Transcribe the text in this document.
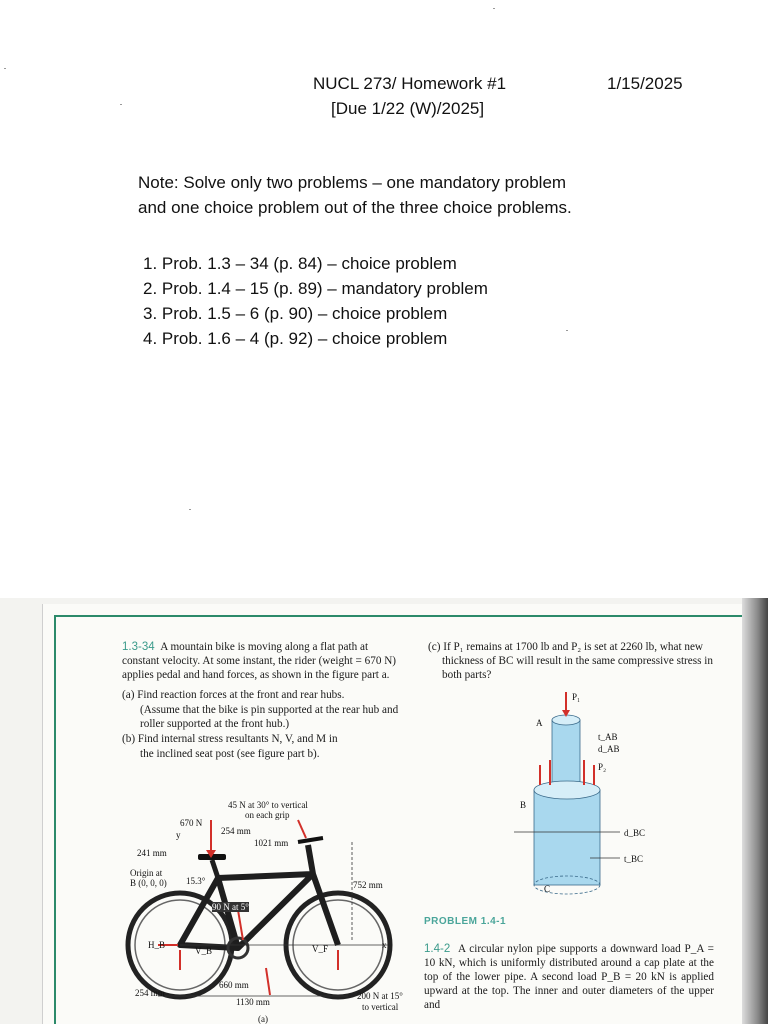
NUCL 273/ Homework #1	1/15/2025
[Due 1/22 (W)/2025]
Note: Solve only two problems – one mandatory problem
and one choice problem out of the three choice problems.
1. Prob. 1.3 – 34 (p. 84) – choice problem
2. Prob. 1.4 – 15 (p. 89) – mandatory problem
3. Prob. 1.5 – 6 (p. 90) – choice problem
4. Prob. 1.6 – 4 (p. 92) – choice problem
1.3-34 A mountain bike is moving along a flat path at constant velocity. At some instant, the rider (weight = 670 N) applies pedal and hand forces, as shown in the figure part a.
(a) Find reaction forces at the front and rear hubs.
(Assume that the bike is pin supported at the rear hub and roller supported at the front hub.)
(b) Find internal stress resultants N, V, and M in
the inclined seat post (see figure part b).
(c) If P₁ remains at 1700 lb and P₂ is set at 2260 lb, what new thickness of BC will result in the same compressive stress in both parts?
45 N at 30° to vertical
on each grip
670 N
254 mm
y
1021 mm
241 mm
Origin at
B (0, 0, 0) 15.3°	752 mm
90 N at 5°
H_B
V_B	V_F	x
660 mm
254 mm
1130 mm
200 N at 15°
to vertical
(a)
P₁
A
t_AB
d_AB
P₂
B
d_BC
t_BC
C
PROBLEM 1.4-1
1.4-2 A circular nylon pipe supports a downward load P_A = 10 kN, which is uniformly distributed around a cap plate at the top of the lower pipe. A second load P_B = 20 kN is applied upward at the top. The inner and outer diameters of the upper and
